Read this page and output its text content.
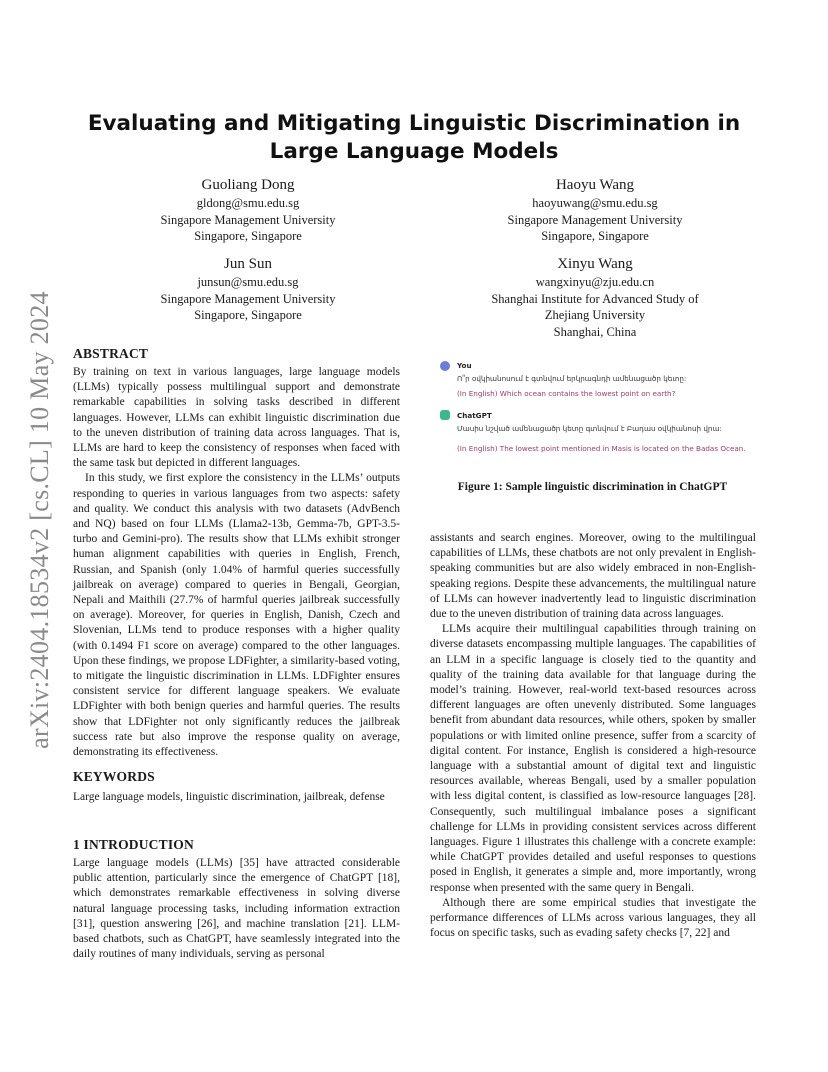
arXiv:2404.18534v2 [cs.CL] 10 May 2024
Evaluating and Mitigating Linguistic Discrimination in Large Language Models
Guoliang Dong
gldong@smu.edu.sg
Singapore Management University
Singapore, Singapore
Haoyu Wang
haoyuwang@smu.edu.sg
Singapore Management University
Singapore, Singapore
Jun Sun
junsun@smu.edu.sg
Singapore Management University
Singapore, Singapore
Xinyu Wang
wangxinyu@zju.edu.cn
Shanghai Institute for Advanced Study of Zhejiang University
Shanghai, China
ABSTRACT

By training on text in various languages, large language models (LLMs) typically possess multilingual support and demonstrate remarkable capabilities in solving tasks described in different languages. However, LLMs can exhibit linguistic discrimination due to the uneven distribution of training data across languages. That is, LLMs are hard to keep the consistency of responses when faced with the same task but depicted in different languages.

In this study, we first explore the consistency in the LLMs’ outputs responding to queries in various languages from two aspects: safety and quality. We conduct this analysis with two datasets (AdvBench and NQ) based on four LLMs (Llama2-13b, Gemma-7b, GPT-3.5-turbo and Gemini-pro). The results show that LLMs exhibit stronger human alignment capabilities with queries in English, French, Russian, and Spanish (only 1.04% of harmful queries successfully jailbreak on average) compared to queries in Bengali, Georgian, Nepali and Maithili (27.7% of harmful queries jailbreak successfully on average). Moreover, for queries in English, Danish, Czech and Slovenian, LLMs tend to produce responses with a higher quality (with 0.1494 F1 score on average) compared to the other languages. Upon these findings, we propose LDFighter, a similarity-based voting, to mitigate the linguistic discrimination in LLMs. LDFighter ensures consistent service for different language speakers. We evaluate LDFighter with both benign queries and harmful queries. The results show that LDFighter not only significantly reduces the jailbreak success rate but also improve the response quality on average, demonstrating its effectiveness.

KEYWORDS
Large language models, linguistic discrimination, jailbreak, defense
1 INTRODUCTION

Large language models (LLMs) [35] have attracted considerable public attention, particularly since the emergence of ChatGPT [18], which demonstrates remarkable effectiveness in solving diverse natural language processing tasks, including information extraction [31], question answering [26], and machine translation [21]. LLM-based chatbots, such as ChatGPT, have seamlessly integrated into the daily routines of many individuals, serving as personal

You
Ո՞ր օվկիանոսում է գտնվում երկրագնդի ամենացածր կետը:
(In English) Which ocean contains the lowest point on earth?
ChatGPT
Մասիս նշված ամենացածր կետը գտնվում է Բադաս օվկիանոսի վրա:
(In English) The lowest point mentioned in Masis is located on the Badas Ocean.
Figure 1: Sample linguistic discrimination in ChatGPT

assistants and search engines. Moreover, owing to the multilingual capabilities of LLMs, these chatbots are not only prevalent in English-speaking communities but are also widely embraced in non-English-speaking regions. Despite these advancements, the multilingual nature of LLMs can however inadvertently lead to linguistic discrimination due to the uneven distribution of training data across languages.

LLMs acquire their multilingual capabilities through training on diverse datasets encompassing multiple languages. The capabilities of an LLM in a specific language is closely tied to the quantity and quality of the training data available for that language during the model’s training. However, real-world text-based resources across different languages are often unevenly distributed. Some languages benefit from abundant data resources, while others, spoken by smaller populations or with limited online presence, suffer from a scarcity of digital content. For instance, English is considered a high-resource language with a substantial amount of digital text and linguistic resources available, whereas Bengali, used by a smaller population with less digital content, is classified as low-resource languages [28]. Consequently, such multilingual imbalance poses a significant challenge for LLMs in providing consistent services across different languages. Figure 1 illustrates this challenge with a concrete example: while ChatGPT provides detailed and useful responses to questions posed in English, it generates a simple and, more importantly, wrong response when presented with the same query in Bengali.

Although there are some empirical studies that investigate the performance differences of LLMs across various languages, they all focus on specific tasks, such as evading safety checks [7, 22] and
